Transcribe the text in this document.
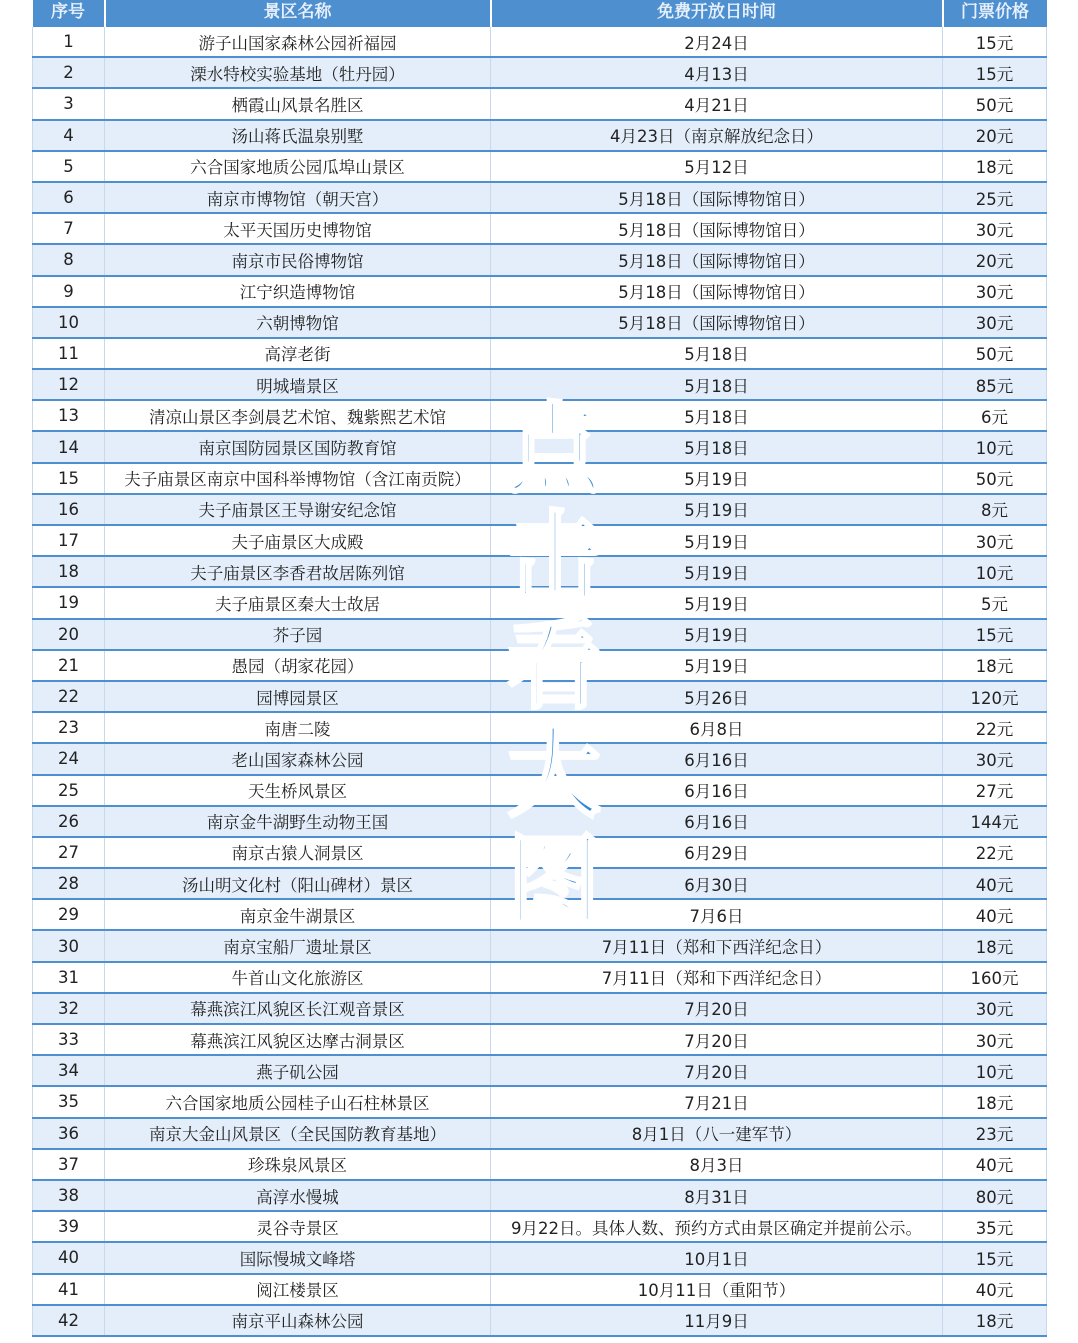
序号	景区名称	免费开放日时间	门票价格
1	游子山国家森林公园祈福园	2月24日	15元
2	溧水特校实验基地（牡丹园）	4月13日	15元
3	栖霞山风景名胜区	4月21日	50元
4	汤山蒋氏温泉别墅	4月23日（南京解放纪念日）	20元
5	六合国家地质公园瓜埠山景区	5月12日	18元
6	南京市博物馆（朝天宫）	5月18日（国际博物馆日）	25元
7	太平天国历史博物馆	5月18日（国际博物馆日）	30元
8	南京市民俗博物馆	5月18日（国际博物馆日）	20元
9	江宁织造博物馆	5月18日（国际博物馆日）	30元
10	六朝博物馆	5月18日（国际博物馆日）	30元
11	高淳老街	5月18日	50元
12	明城墙景区	5月18日	85元
13	清凉山景区李剑晨艺术馆、魏紫熙艺术馆	5月18日	6元
14	南京国防园景区国防教育馆	5月18日	10元
15	夫子庙景区南京中国科举博物馆（含江南贡院）	5月19日	50元
16	夫子庙景区王导谢安纪念馆	5月19日	8元
17	夫子庙景区大成殿	5月19日	30元
18	夫子庙景区李香君故居陈列馆	5月19日	10元
19	夫子庙景区秦大士故居	5月19日	5元
20	芥子园	5月19日	15元
21	愚园（胡家花园）	5月19日	18元
22	园博园景区	5月26日	120元
23	南唐二陵	6月8日	22元
24	老山国家森林公园	6月16日	30元
25	天生桥风景区	6月16日	27元
26	南京金牛湖野生动物王国	6月16日	144元
27	南京古猿人洞景区	6月29日	22元
28	汤山明文化村（阳山碑材）景区	6月30日	40元
29	南京金牛湖景区	7月6日	40元
30	南京宝船厂遗址景区	7月11日（郑和下西洋纪念日）	18元
31	牛首山文化旅游区	7月11日（郑和下西洋纪念日）	160元
32	幕燕滨江风貌区长江观音景区	7月20日	30元
33	幕燕滨江风貌区达摩古洞景区	7月20日	30元
34	燕子矶公园	7月20日	10元
35	六合国家地质公园桂子山石柱林景区	7月21日	18元
36	南京大金山风景区（全民国防教育基地）	8月1日（八一建军节）	23元
37	珍珠泉风景区	8月3日	40元
38	高淳水慢城	8月31日	80元
39	灵谷寺景区	9月22日。具体人数、预约方式由景区确定并提前公示。	35元
40	国际慢城文峰塔	10月1日	15元
41	阅江楼景区	10月11日（重阳节）	40元
42	南京平山森林公园	11月9日	18元
点
击
看
大
图
